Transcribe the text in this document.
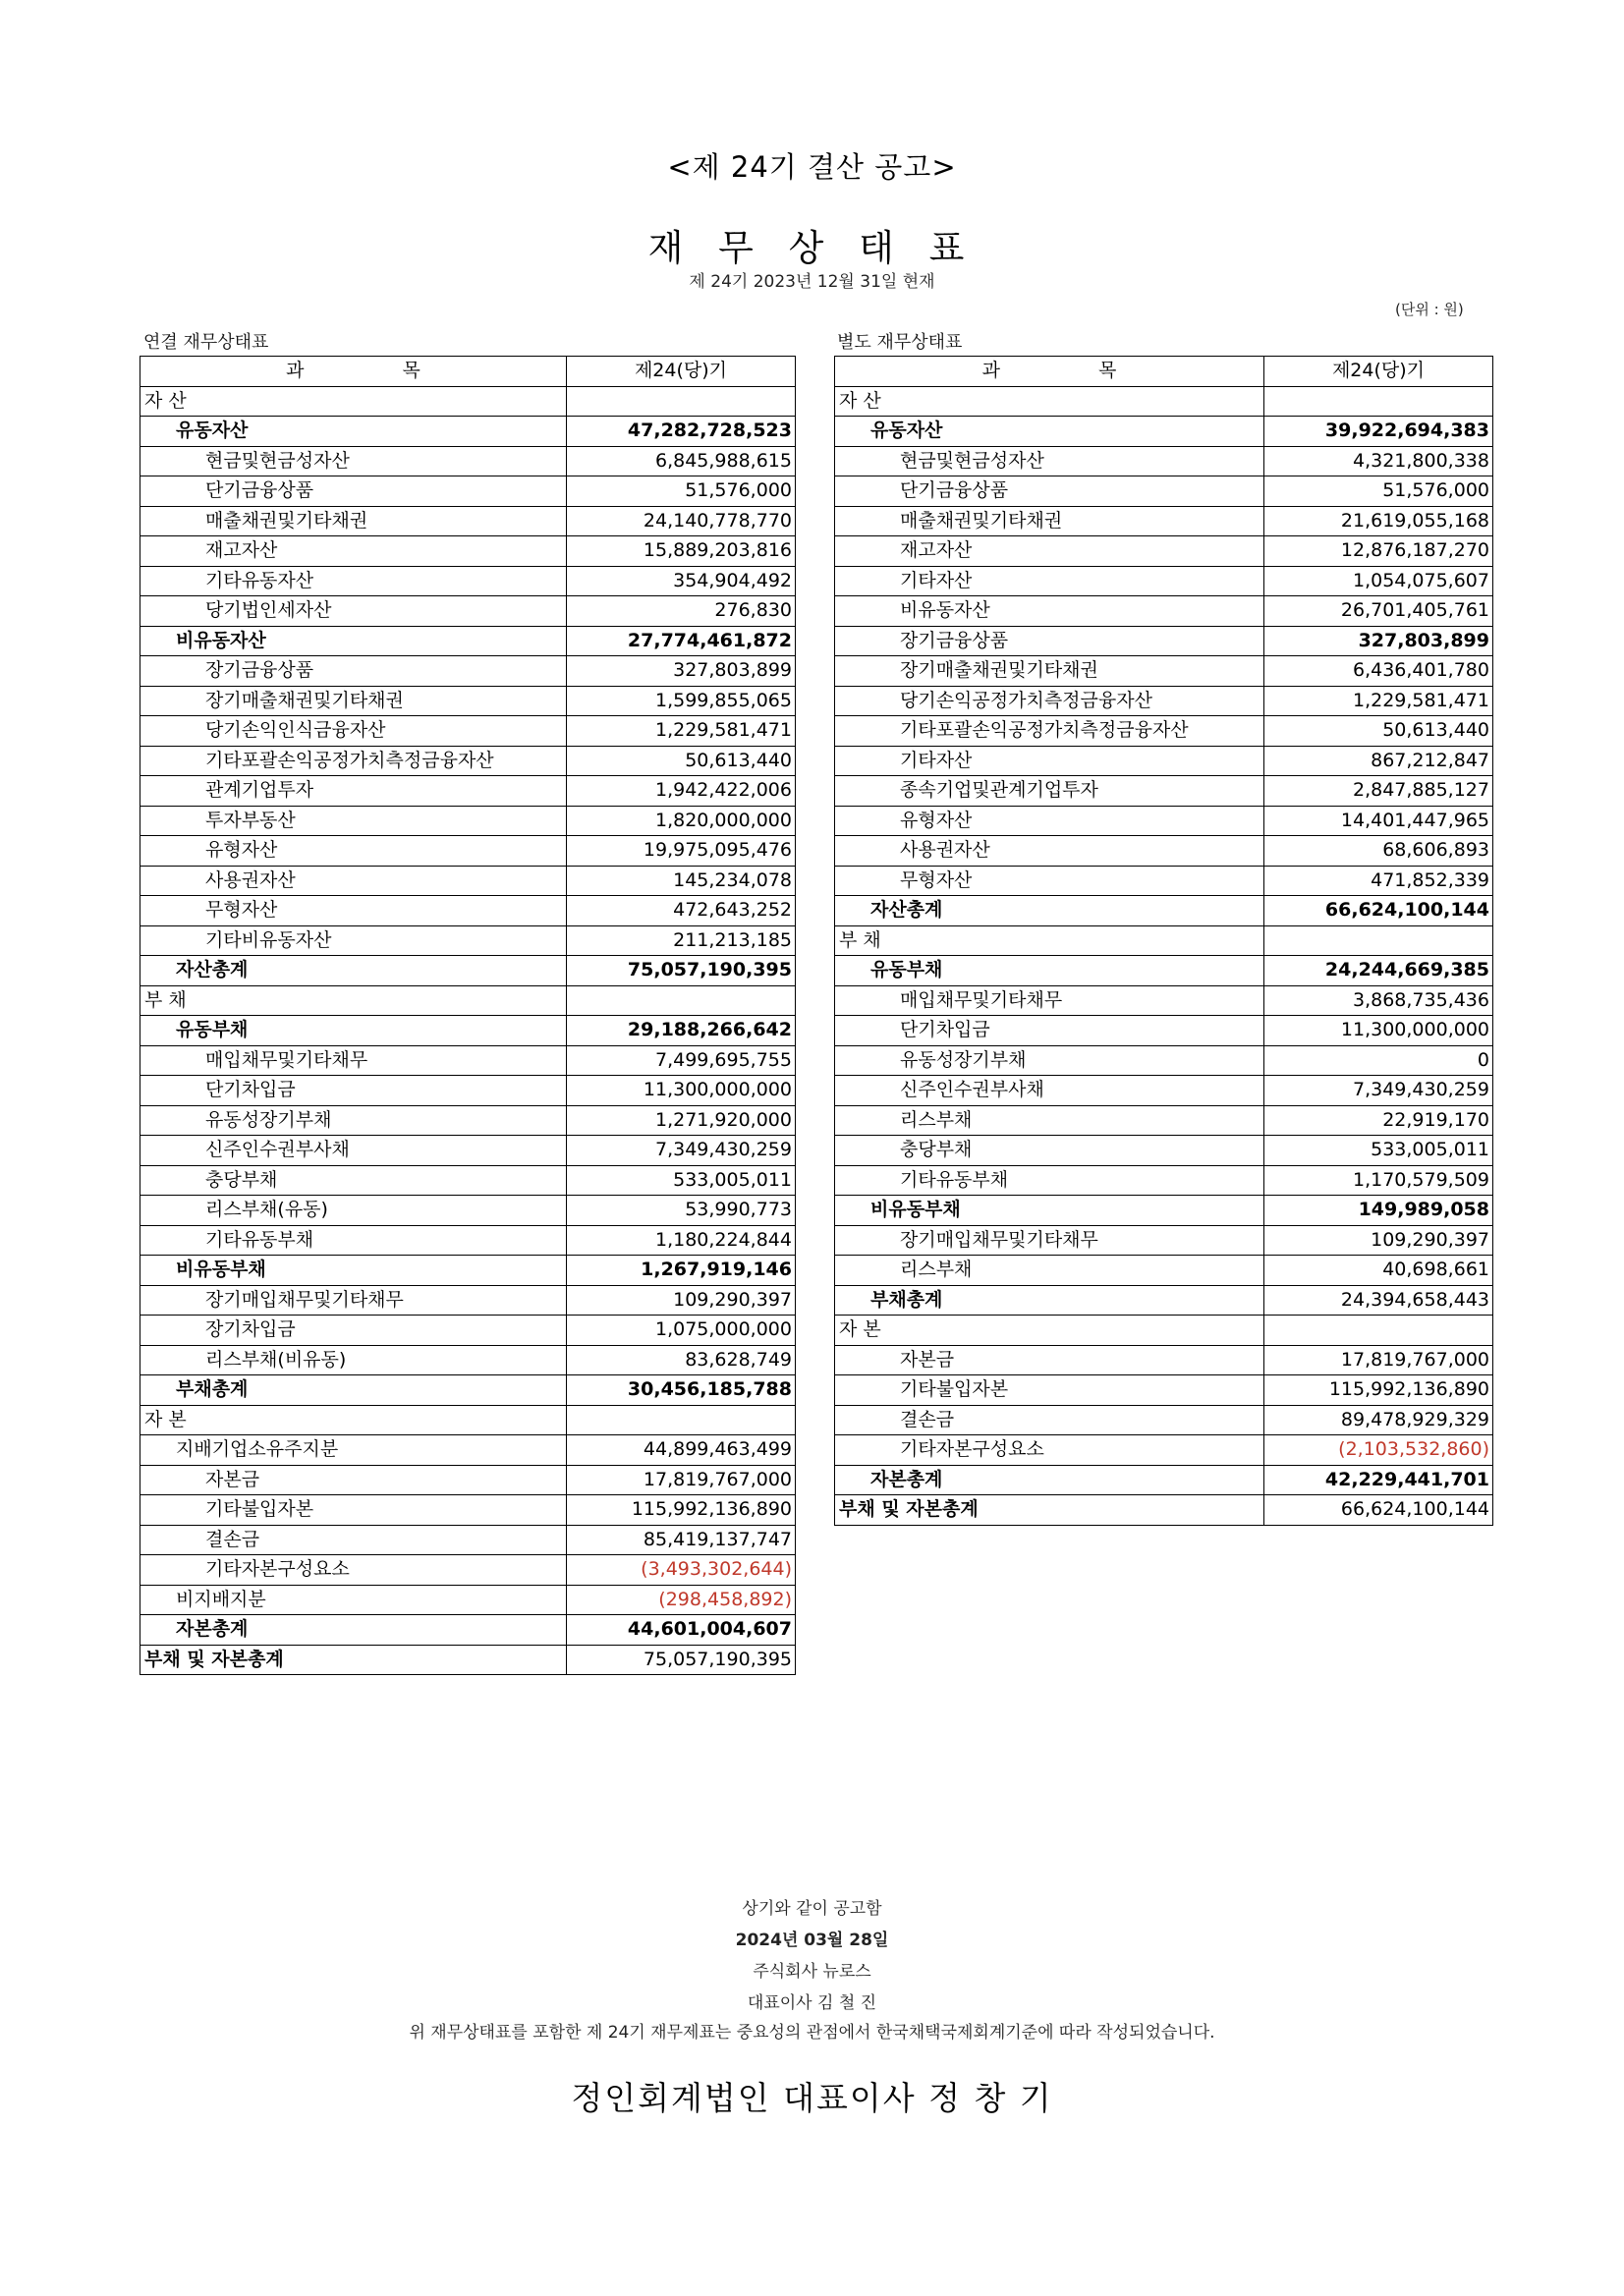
<제 24기 결산 공고>
재 무 상 태 표
제 24기 2023년 12월 31일 현재
(단위 : 원)
연결 재무상태표	별도 재무상태표
과 목	제24(당)기
자 산	
유동자산	47,282,728,523
현금및현금성자산	6,845,988,615
단기금융상품	51,576,000
매출채권및기타채권	24,140,778,770
재고자산	15,889,203,816
기타유동자산	354,904,492
당기법인세자산	276,830
비유동자산	27,774,461,872
장기금융상품	327,803,899
장기매출채권및기타채권	1,599,855,065
당기손익인식금융자산	1,229,581,471
기타포괄손익공정가치측정금융자산	50,613,440
관계기업투자	1,942,422,006
투자부동산	1,820,000,000
유형자산	19,975,095,476
사용권자산	145,234,078
무형자산	472,643,252
기타비유동자산	211,213,185
자산총계	75,057,190,395
부 채	
유동부채	29,188,266,642
매입채무및기타채무	7,499,695,755
단기차입금	11,300,000,000
유동성장기부채	1,271,920,000
신주인수권부사채	7,349,430,259
충당부채	533,005,011
리스부채(유동)	53,990,773
기타유동부채	1,180,224,844
비유동부채	1,267,919,146
장기매입채무및기타채무	109,290,397
장기차입금	1,075,000,000
리스부채(비유동)	83,628,749
부채총계	30,456,185,788
자 본	
지배기업소유주지분	44,899,463,499
자본금	17,819,767,000
기타불입자본	115,992,136,890
결손금	85,419,137,747
기타자본구성요소	(3,493,302,644)
비지배지분	(298,458,892)
자본총계	44,601,004,607
부채 및 자본총계	75,057,190,395
과 목	제24(당)기
자 산	
유동자산	39,922,694,383
현금및현금성자산	4,321,800,338
단기금융상품	51,576,000
매출채권및기타채권	21,619,055,168
재고자산	12,876,187,270
기타자산	1,054,075,607
비유동자산	26,701,405,761
장기금융상품	327,803,899
장기매출채권및기타채권	6,436,401,780
당기손익공정가치측정금융자산	1,229,581,471
기타포괄손익공정가치측정금융자산	50,613,440
기타자산	867,212,847
종속기업및관계기업투자	2,847,885,127
유형자산	14,401,447,965
사용권자산	68,606,893
무형자산	471,852,339
자산총계	66,624,100,144
부 채	
유동부채	24,244,669,385
매입채무및기타채무	3,868,735,436
단기차입금	11,300,000,000
유동성장기부채	0
신주인수권부사채	7,349,430,259
리스부채	22,919,170
충당부채	533,005,011
기타유동부채	1,170,579,509
비유동부채	149,989,058
장기매입채무및기타채무	109,290,397
리스부채	40,698,661
부채총계	24,394,658,443
자 본	
자본금	17,819,767,000
기타불입자본	115,992,136,890
결손금	89,478,929,329
기타자본구성요소	(2,103,532,860)
자본총계	42,229,441,701
부채 및 자본총계	66,624,100,144
상기와 같이 공고함
2024년 03월 28일
주식회사 뉴로스
대표이사 김 철 진
위 재무상태표를 포함한 제 24기 재무제표는 중요성의 관점에서 한국채택국제회계기준에 따라 작성되었습니다.
정인회계법인 대표이사 정 창 기
